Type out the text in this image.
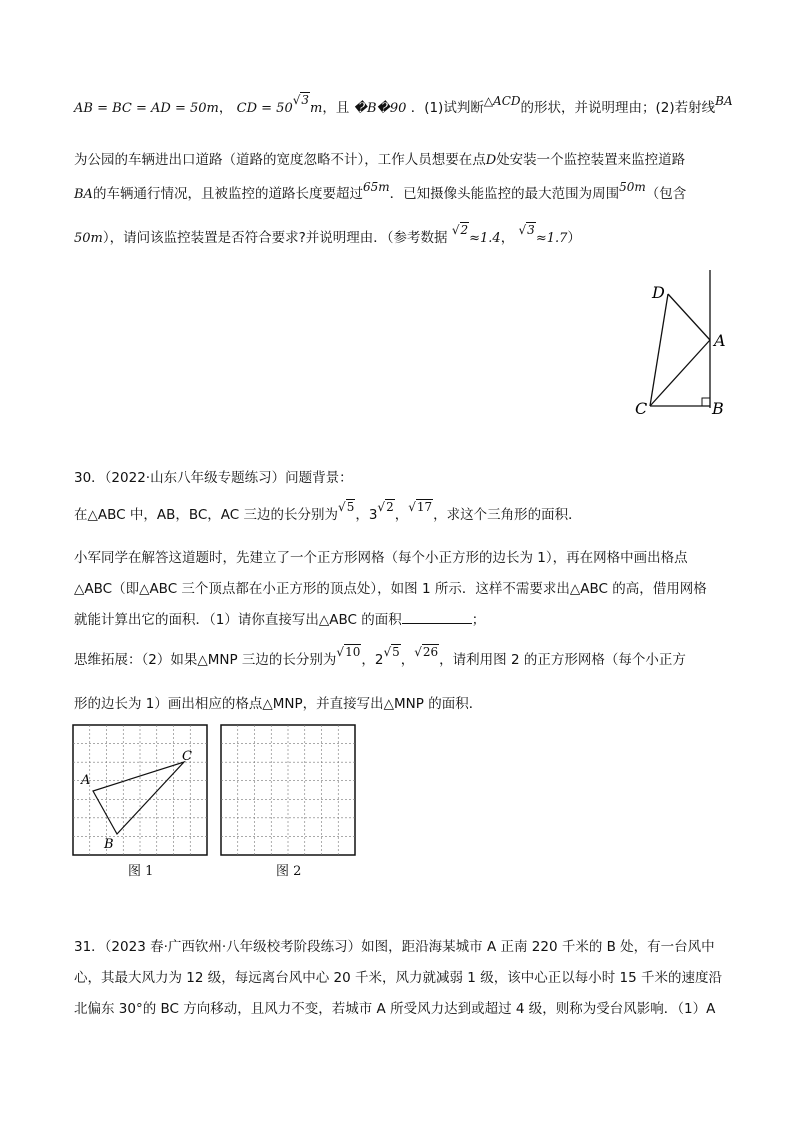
AB = BC = AD = 50m， CD = 50√3m，且 �B�90 ．(1)试判断△ACD的形状，并说明理由；(2)若射线BA
为公园的车辆进出口道路（道路的宽度忽略不计），工作人员想要在点D处安装一个监控装置来监控道路
BA的车辆通行情况，且被监控的道路长度要超过65m．已知摄像头能监控的最大范围为周围50m（包含
50m），请问该监控装置是否符合要求?并说明理由．（参考数据 √2≈1.4， √3≈1.7）
D
A
C	B
30．（2022·山东八年级专题练习）问题背景：
在△ABC 中，AB，BC，AC 三边的长分别为√5，3√2，√17，求这个三角形的面积．
小军同学在解答这道题时，先建立了一个正方形网格（每个小正方形的边长为 1），再在网格中画出格点
△ABC（即△ABC 三个顶点都在小正方形的顶点处），如图 1 所示．这样不需要求出△ABC 的高，借用网格
就能计算出它的面积．（1）请你直接写出△ABC 的面积	；
思维拓展：（2）如果△MNP 三边的长分别为√10，2√5，√26，请利用图 2 的正方形网格（每个小正方
形的边长为 1）画出相应的格点△MNP，并直接写出△MNP 的面积．
A
B
C
图 1	图 2
31．（2023 春·广西钦州·八年级校考阶段练习）如图，距沿海某城市 A 正南 220 千米的 B 处，有一台风中
心，其最大风力为 12 级，每远离台风中心 20 千米，风力就减弱 1 级，该中心正以每小时 15 千米的速度沿
北偏东 30°的 BC 方向移动，且风力不变，若城市 A 所受风力达到或超过 4 级，则称为受台风影响．（1）A
